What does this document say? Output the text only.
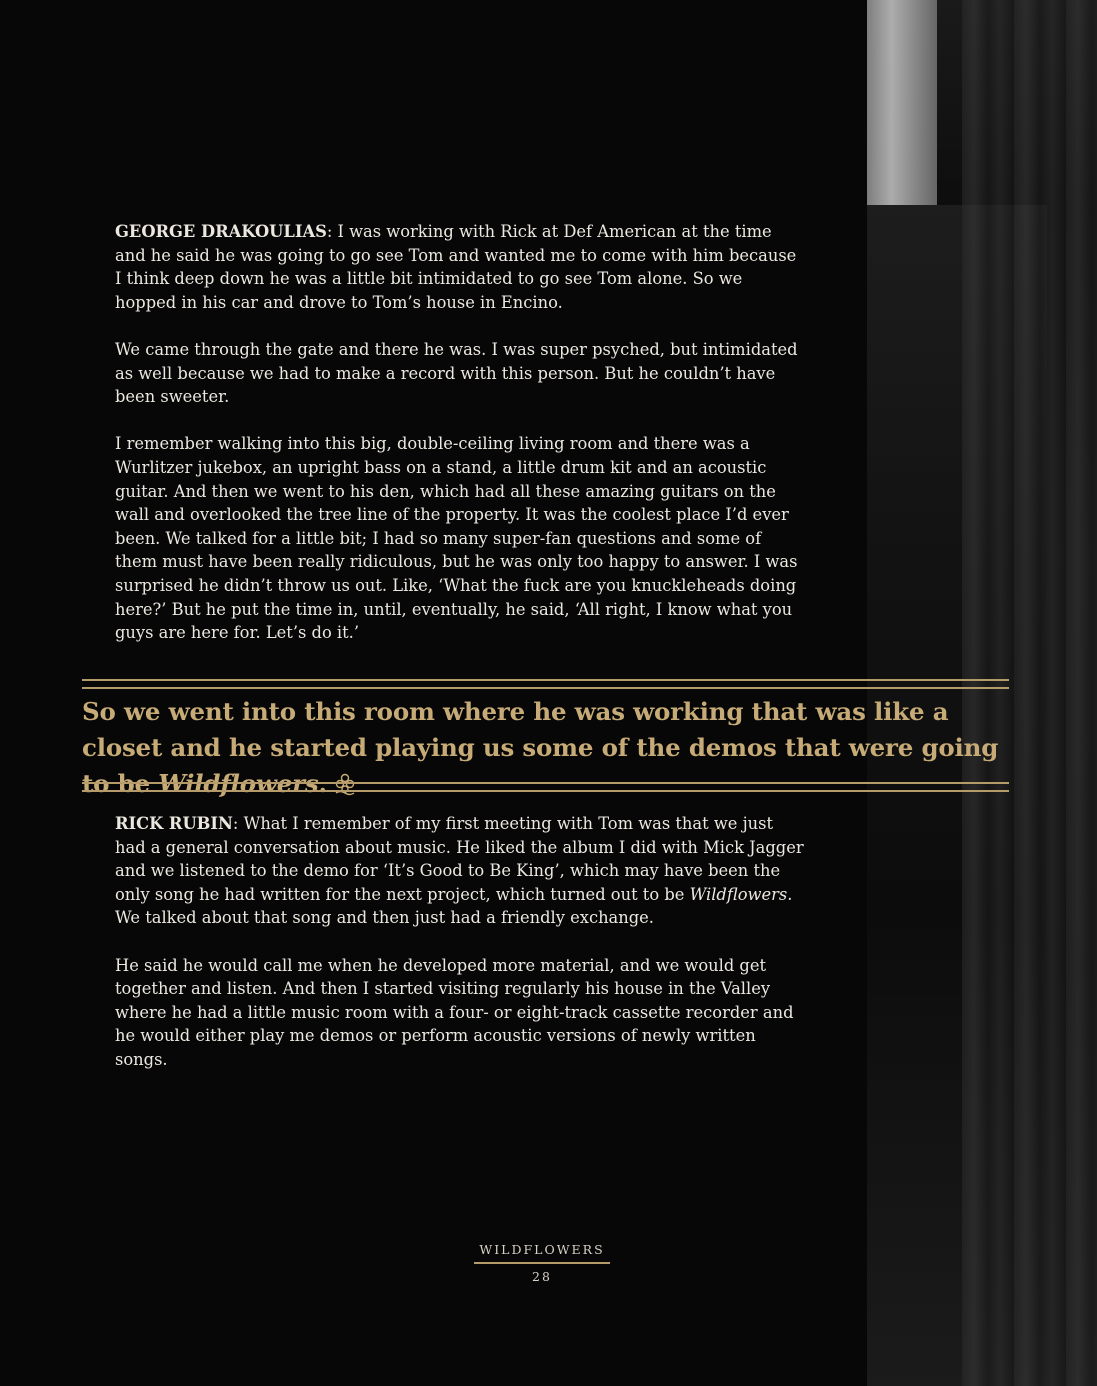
GEORGE DRAKOULIAS: I was working with Rick at Def American at the time and he said he was going to go see Tom and wanted me to come with him because I think deep down he was a little bit intimidated to go see Tom alone. So we hopped in his car and drove to Tom’s house in Encino.

We came through the gate and there he was. I was super psyched, but intimidated as well because we had to make a record with this person. But he couldn’t have been sweeter.

I remember walking into this big, double-ceiling living room and there was a Wurlitzer jukebox, an upright bass on a stand, a little drum kit and an acoustic guitar. And then we went to his den, which had all these amazing guitars on the wall and overlooked the tree line of the property. It was the coolest place I’d ever been. We talked for a little bit; I had so many super-fan questions and some of them must have been really ridiculous, but he was only too happy to answer. I was surprised he didn’t throw us out. Like, ‘What the fuck are you knuckleheads doing here?’ But he put the time in, until, eventually, he said, ‘All right, I know what you guys are here for. Let’s do it.’

So we went into this room where he was working that was like a closet and he started playing us some of the demos that were going to be Wildflowers.

RICK RUBIN: What I remember of my first meeting with Tom was that we just had a general conversation about music. He liked the album I did with Mick Jagger and we listened to the demo for ‘It’s Good to Be King’, which may have been the only song he had written for the next project, which turned out to be Wildflowers. We talked about that song and then just had a friendly exchange.

He said he would call me when he developed more material, and we would get together and listen. And then I started visiting regularly his house in the Valley where he had a little music room with a four- or eight-track cassette recorder and he would either play me demos or perform acoustic versions of newly written songs.

WILDFLOWERS
28
